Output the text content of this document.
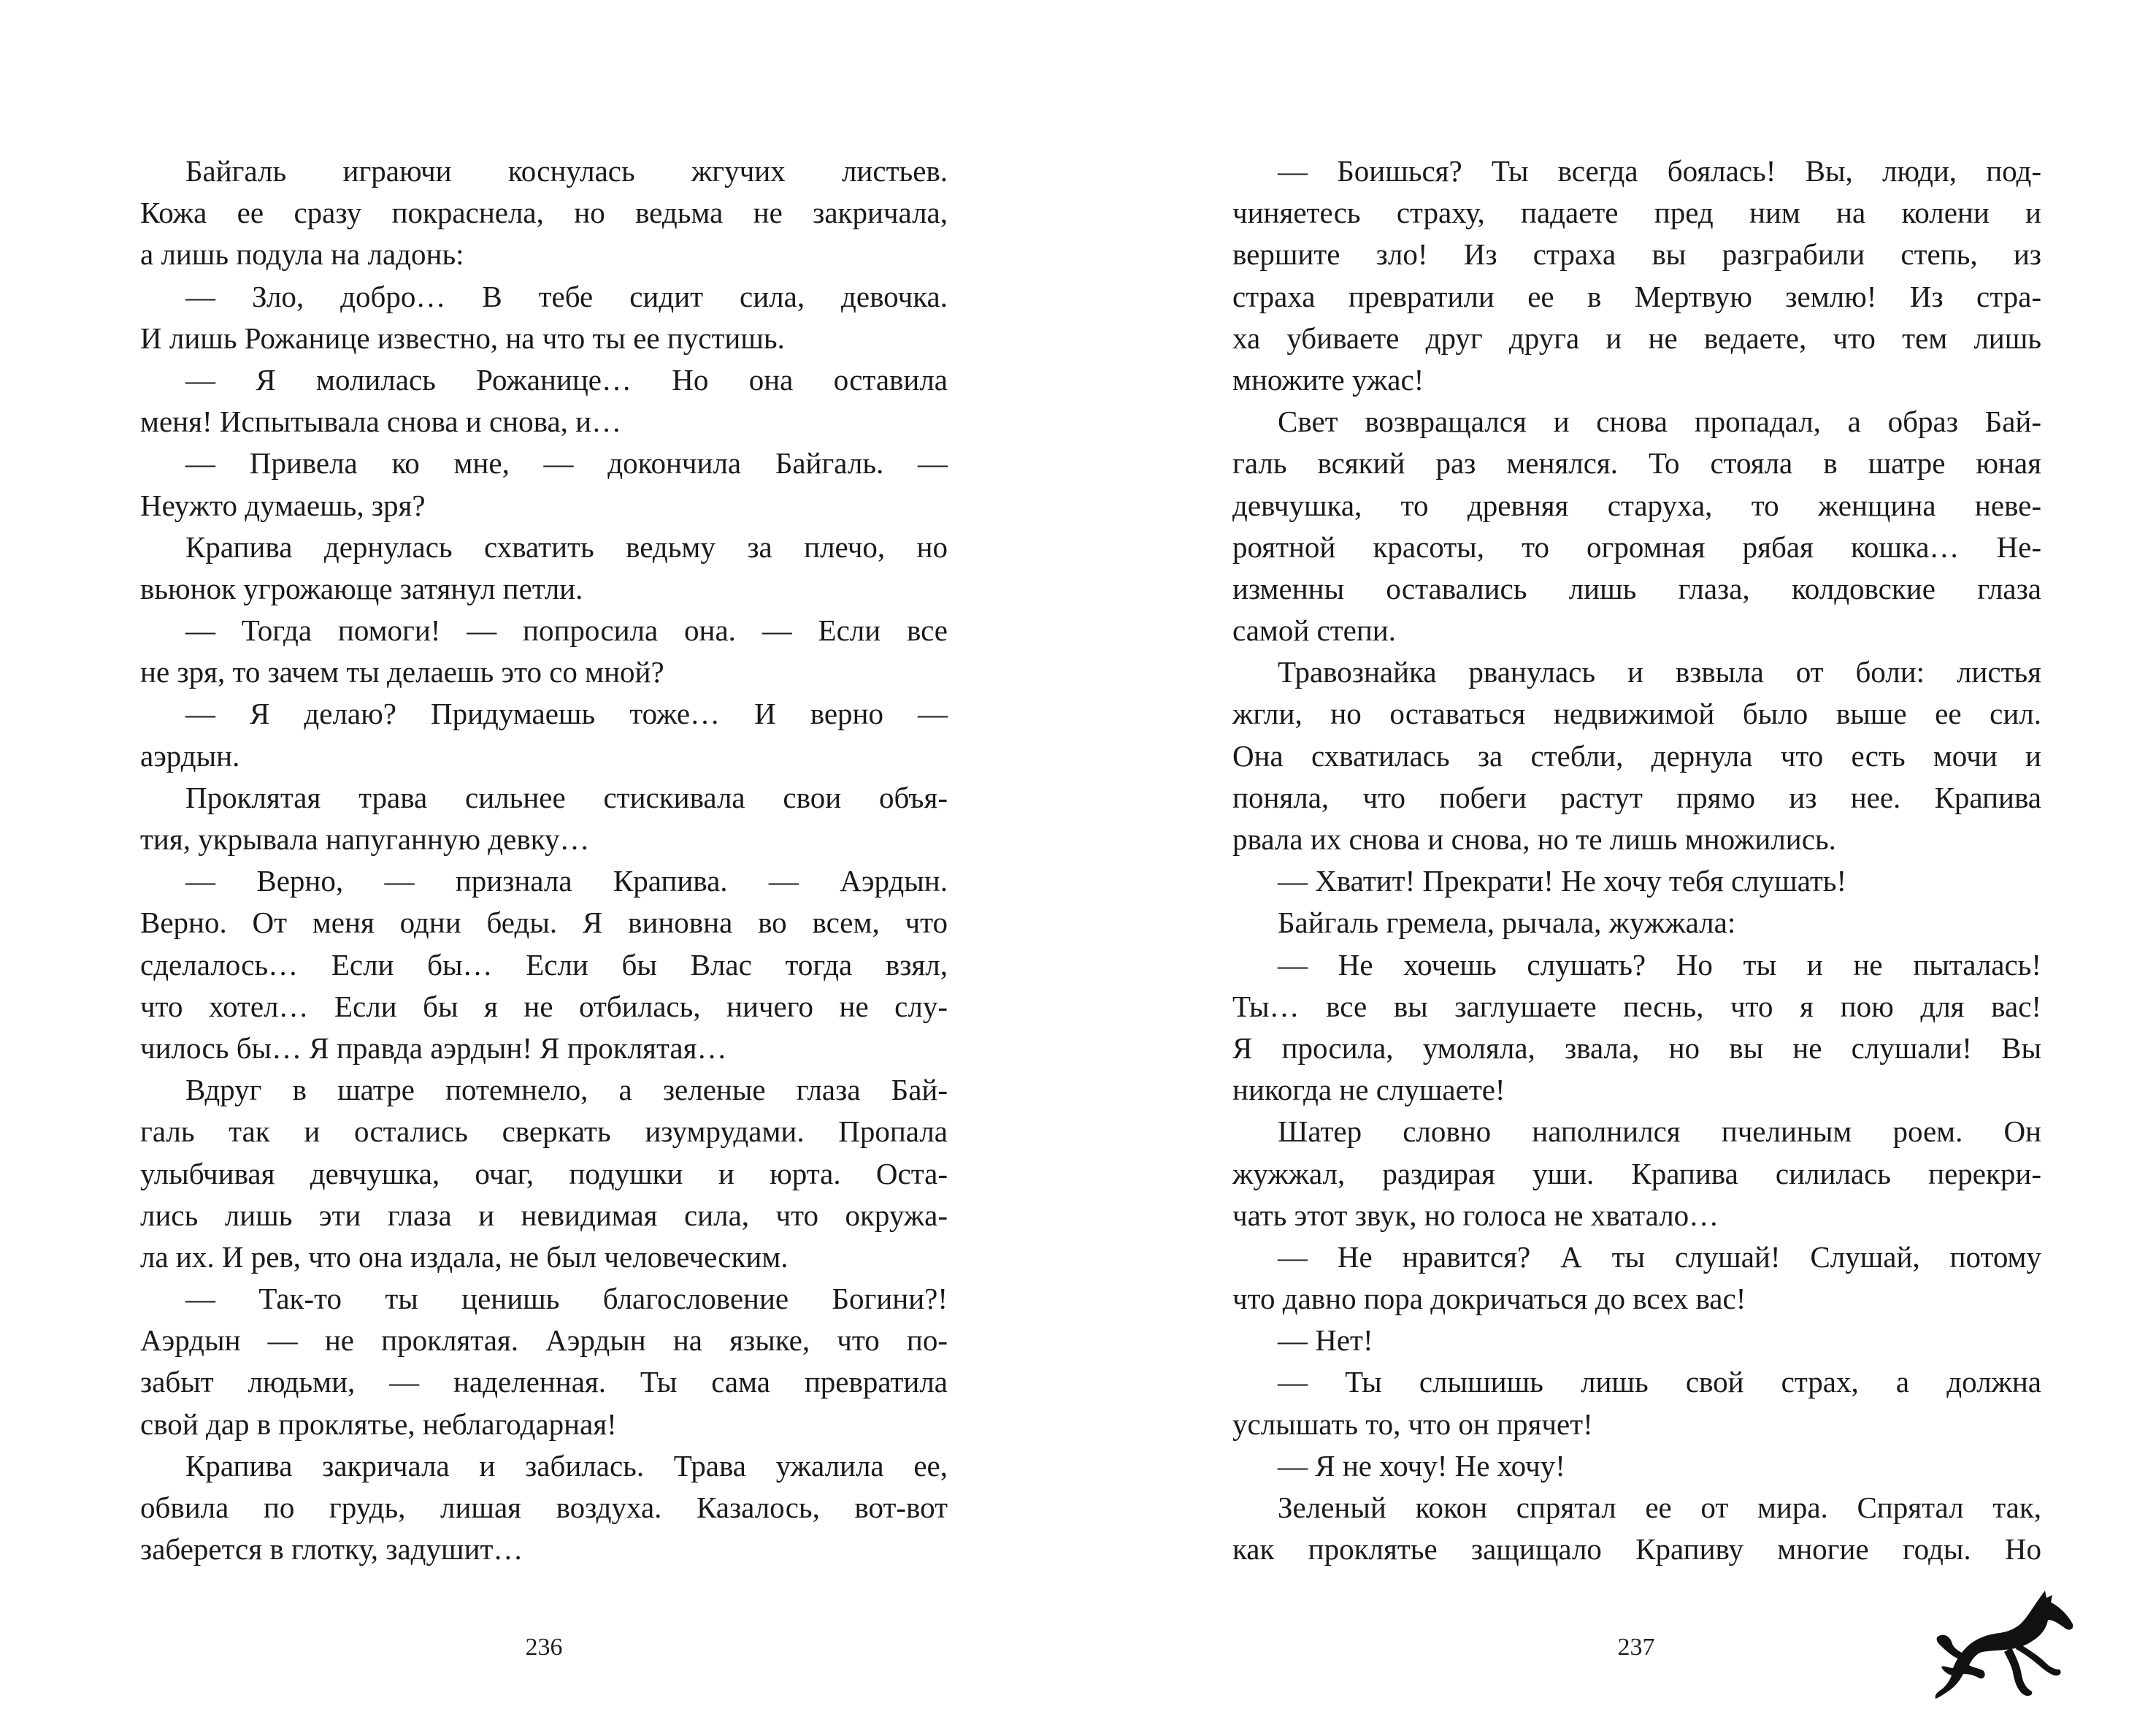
Байгаль играючи коснулась жгучих листьев.
Кожа ее сразу покраснела, но ведьма не закричала,
а лишь подула на ладонь:
— Зло, добро… В тебе сидит сила, девочка.
И лишь Рожанице известно, на что ты ее пустишь.
— Я молилась Рожанице… Но она оставила
меня! Испытывала снова и снова, и…
— Привела ко мне, — докончила Байгаль. —
Неужто думаешь, зря?
Крапива дернулась схватить ведьму за плечо, но
вьюнок угрожающе затянул петли.
— Тогда помоги! — попросила она. — Если все
не зря, то зачем ты делаешь это со мной?
— Я делаю? Придумаешь тоже… И верно —
аэрдын.
Проклятая трава сильнее стискивала свои объя-
тия, укрывала напуганную девку…
— Верно, — признала Крапива. — Аэрдын.
Верно. От меня одни беды. Я виновна во всем, что
сделалось… Если бы… Если бы Влас тогда взял,
что хотел… Если бы я не отбилась, ничего не слу-
чилось бы… Я правда аэрдын! Я проклятая…
Вдруг в шатре потемнело, а зеленые глаза Бай-
галь так и остались сверкать изумрудами. Пропала
улыбчивая девчушка, очаг, подушки и юрта. Оста-
лись лишь эти глаза и невидимая сила, что окружа-
ла их. И рев, что она издала, не был человеческим.
— Так-то ты ценишь благословение Богини?!
Аэрдын — не проклятая. Аэрдын на языке, что по-
забыт людьми, — наделенная. Ты сама превратила
свой дар в проклятье, неблагодарная!
Крапива закричала и забилась. Трава ужалила ее,
обвила по грудь, лишая воздуха. Казалось, вот-вот
заберется в глотку, задушит…
236
— Боишься? Ты всегда боялась! Вы, люди, под-
чиняетесь страху, падаете пред ним на колени и
вершите зло! Из страха вы разграбили степь, из
страха превратили ее в Мертвую землю! Из стра-
ха убиваете друг друга и не ведаете, что тем лишь
множите ужас!
Свет возвращался и снова пропадал, а образ Бай-
галь всякий раз менялся. То стояла в шатре юная
девчушка, то древняя старуха, то женщина неве-
роятной красоты, то огромная рябая кошка… Не-
изменны оставались лишь глаза, колдовские глаза
самой степи.
Травознайка рванулась и взвыла от боли: листья
жгли, но оставаться недвижимой было выше ее сил.
Она схватилась за стебли, дернула что есть мочи и
поняла, что побеги растут прямо из нее. Крапива
рвала их снова и снова, но те лишь множились.
— Хватит! Прекрати! Не хочу тебя слушать!
Байгаль гремела, рычала, жужжала:
— Не хочешь слушать? Но ты и не пыталась!
Ты… все вы заглушаете песнь, что я пою для вас!
Я просила, умоляла, звала, но вы не слушали! Вы
никогда не слушаете!
Шатер словно наполнился пчелиным роем. Он
жужжал, раздирая уши. Крапива силилась перекри-
чать этот звук, но голоса не хватало…
— Не нравится? А ты слушай! Слушай, потому
что давно пора докричаться до всех вас!
— Нет!
— Ты слышишь лишь свой страх, а должна
услышать то, что он прячет!
— Я не хочу! Не хочу!
Зеленый кокон спрятал ее от мира. Спрятал так,
как проклятье защищало Крапиву многие годы. Но
237
